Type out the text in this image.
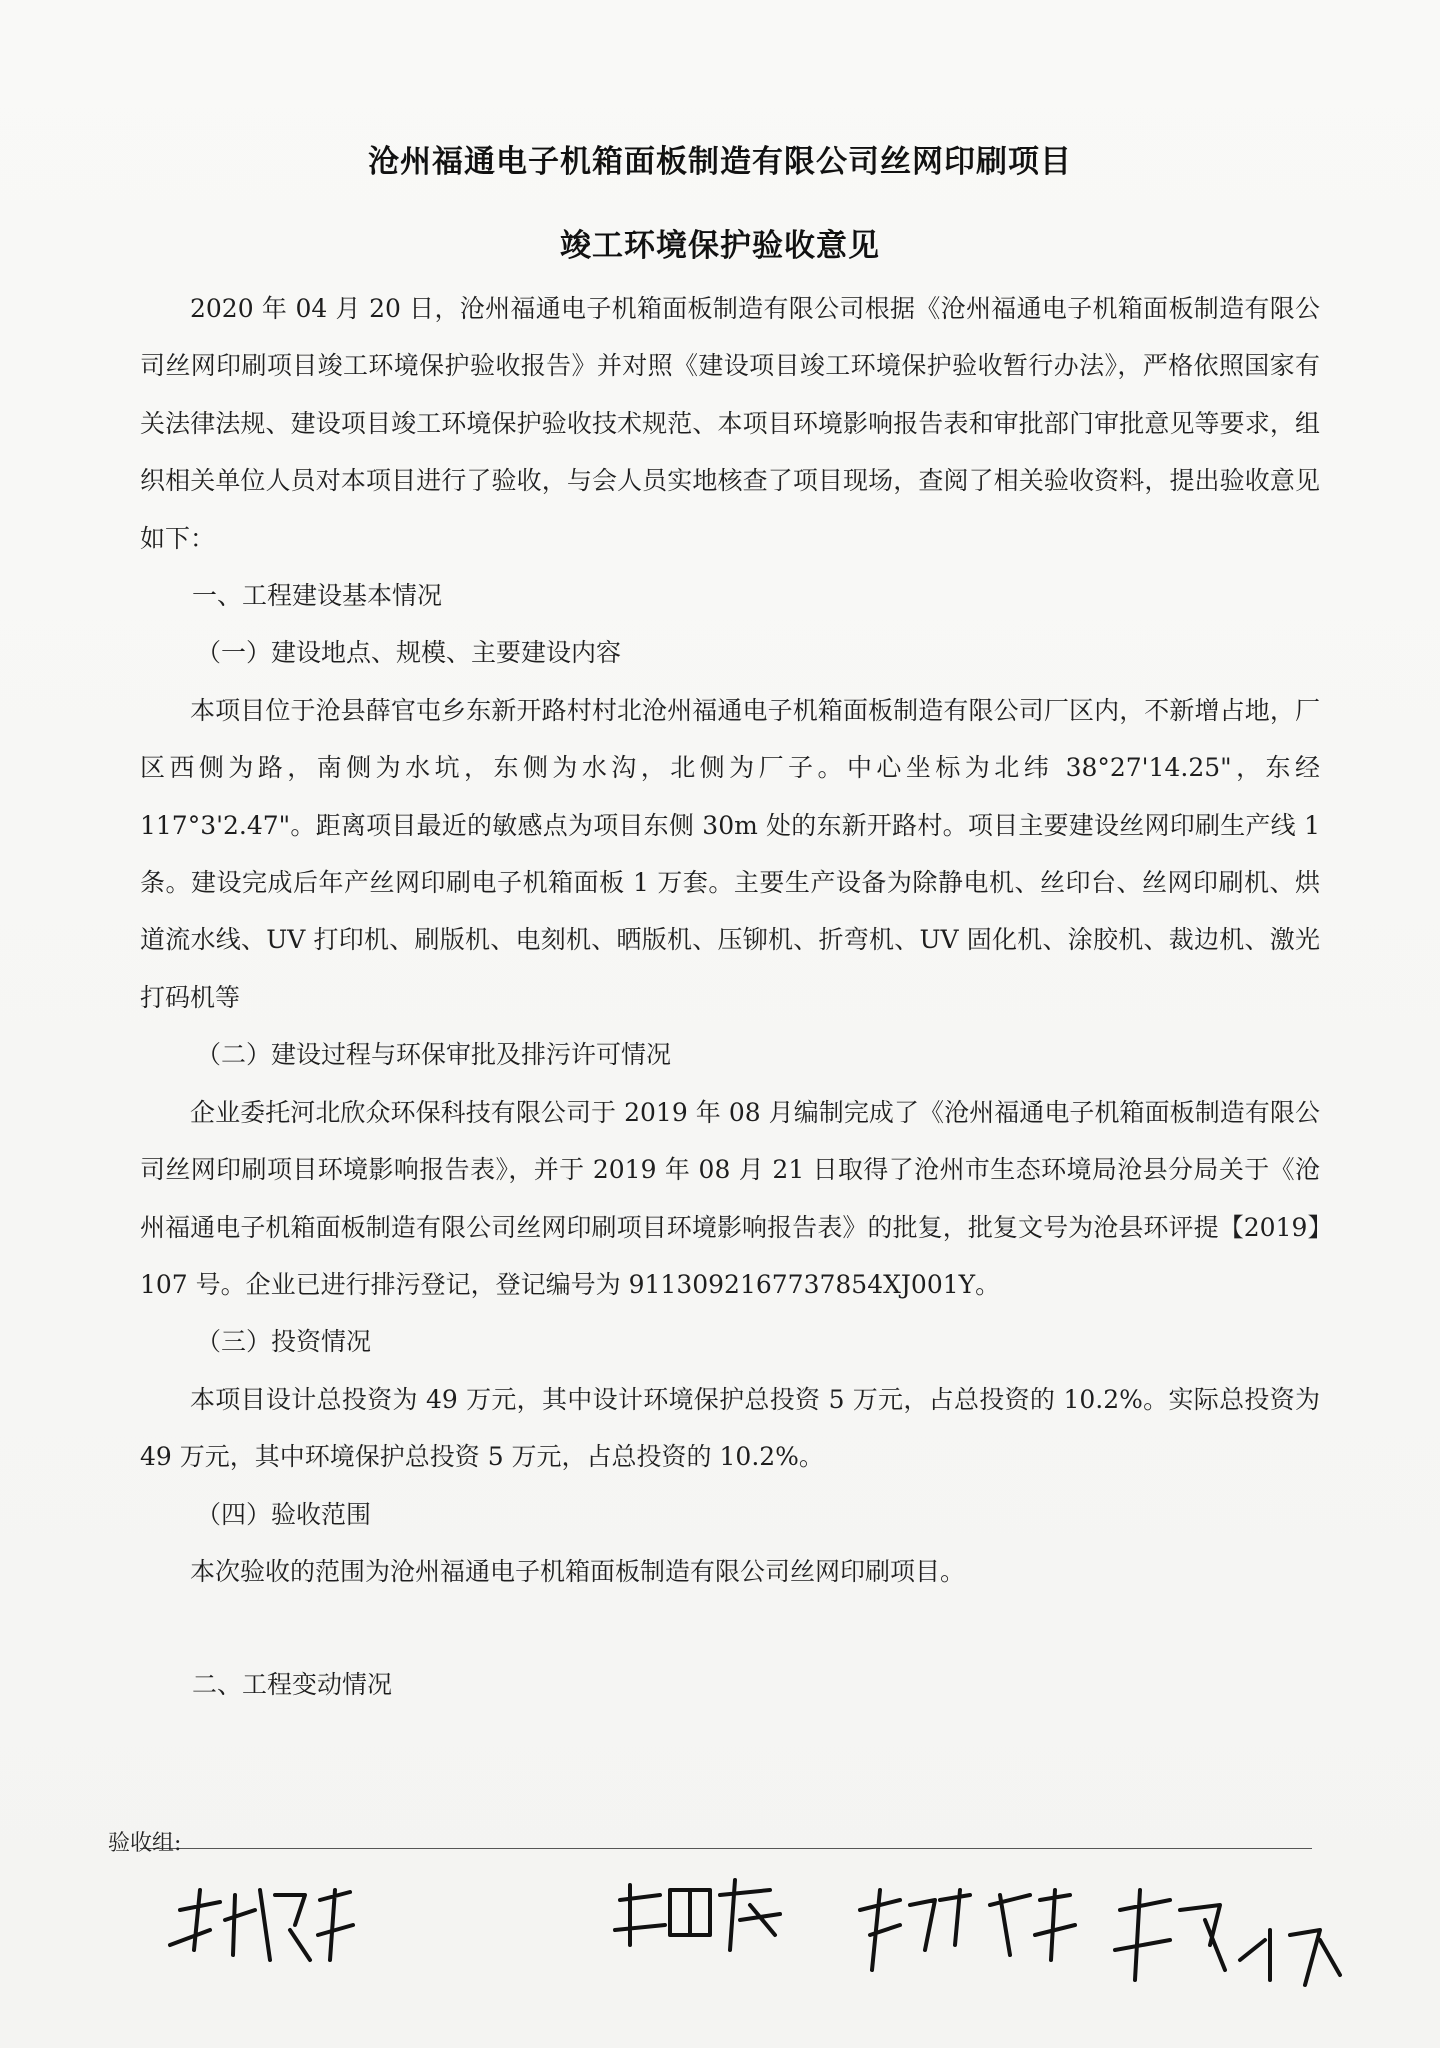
沧州福通电子机箱面板制造有限公司丝网印刷项目
竣工环境保护验收意见

2020 年 04 月 20 日，沧州福通电子机箱面板制造有限公司根据《沧州福通电子机箱面板制造有限公司丝网印刷项目竣工环境保护验收报告》并对照《建设项目竣工环境保护验收暂行办法》，严格依照国家有关法律法规、建设项目竣工环境保护验收技术规范、本项目环境影响报告表和审批部门审批意见等要求，组织相关单位人员对本项目进行了验收，与会人员实地核查了项目现场，查阅了相关验收资料，提出验收意见如下：

一、工程建设基本情况

（一）建设地点、规模、主要建设内容

本项目位于沧县薛官屯乡东新开路村村北沧州福通电子机箱面板制造有限公司厂区内，不新增占地，厂区西侧为路，南侧为水坑，东侧为水沟，北侧为厂子。中心坐标为北纬 38°27'14.25"，东经 117°3'2.47"。距离项目最近的敏感点为项目东侧 30m 处的东新开路村。项目主要建设丝网印刷生产线 1 条。建设完成后年产丝网印刷电子机箱面板 1 万套。主要生产设备为除静电机、丝印台、丝网印刷机、烘道流水线、UV 打印机、刷版机、电刻机、晒版机、压铆机、折弯机、UV 固化机、涂胶机、裁边机、激光打码机等

（二）建设过程与环保审批及排污许可情况

企业委托河北欣众环保科技有限公司于 2019 年 08 月编制完成了《沧州福通电子机箱面板制造有限公司丝网印刷项目环境影响报告表》，并于 2019 年 08 月 21 日取得了沧州市生态环境局沧县分局关于《沧州福通电子机箱面板制造有限公司丝网印刷项目环境影响报告表》的批复，批复文号为沧县环评提【2019】107 号。企业已进行排污登记，登记编号为 9113092167737854XJ001Y。

（三）投资情况

本项目设计总投资为 49 万元，其中设计环境保护总投资 5 万元，占总投资的 10.2%。实际总投资为 49 万元，其中环境保护总投资 5 万元，占总投资的 10.2%。

（四）验收范围

本次验收的范围为沧州福通电子机箱面板制造有限公司丝网印刷项目。

二、工程变动情况

验收组:
